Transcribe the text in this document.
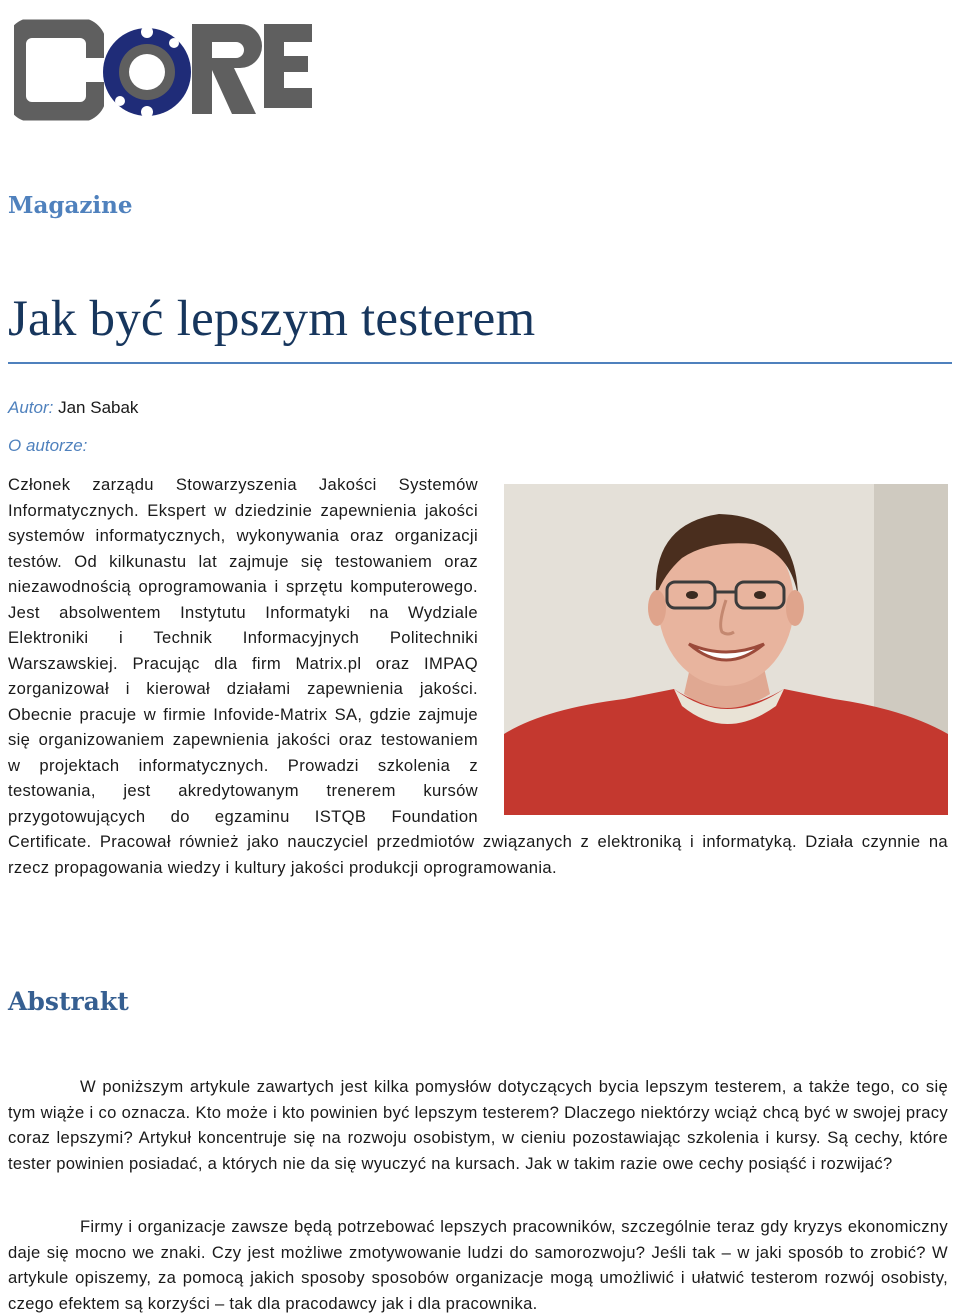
Magazine
Jak być lepszym testerem
Autor: Jan Sabak
O autorze:
Członek zarządu Stowarzyszenia Jakości Systemów Informatycznych. Ekspert w dziedzinie zapewnienia jakości systemów informatycznych, wykonywania oraz organizacji testów. Od kilkunastu lat zajmuje się testowaniem oraz niezawodnością oprogramowania i sprzętu komputerowego. Jest absolwentem Instytutu Informatyki na Wydziale Elektroniki i Technik Informacyjnych Politechniki Warszawskiej. Pracując dla firm Matrix.pl oraz IMPAQ zorganizował i kierował działami zapewnienia jakości. Obecnie pracuje w firmie Infovide-Matrix SA, gdzie zajmuje się organizowaniem zapewnienia jakości oraz testowaniem w projektach informatycznych. Prowadzi szkolenia z testowania, jest akredytowanym trenerem kursów przygotowujących do egzaminu ISTQB Foundation Certificate. Pracował również jako nauczyciel przedmiotów związanych z elektroniką i informatyką. Działa czynnie na rzecz propagowania wiedzy i kultury jakości produkcji oprogramowania.
Abstrakt

W poniższym artykule zawartych jest kilka pomysłów dotyczących bycia lepszym testerem, a także tego, co się tym wiąże i co oznacza. Kto może i kto powinien być lepszym testerem? Dlaczego niektórzy wciąż chcą być w swojej pracy coraz lepszymi? Artykuł koncentruje się na rozwoju osobistym, w cieniu pozostawiając szkolenia i kursy. Są cechy, które tester powinien posiadać, a których nie da się wyuczyć na kursach. Jak w takim razie owe cechy posiąść i rozwijać?

Firmy i organizacje zawsze będą potrzebować lepszych pracowników, szczególnie teraz gdy kryzys ekonomiczny daje się mocno we znaki. Czy jest możliwe zmotywowanie ludzi do samorozwoju? Jeśli tak – w jaki sposób to zrobić? W artykule opiszemy, za pomocą jakich sposoby sposobów organizacje mogą umożliwić i ułatwić testerom rozwój osobisty, czego efektem są korzyści – tak dla pracodawcy jak i dla pracownika.
